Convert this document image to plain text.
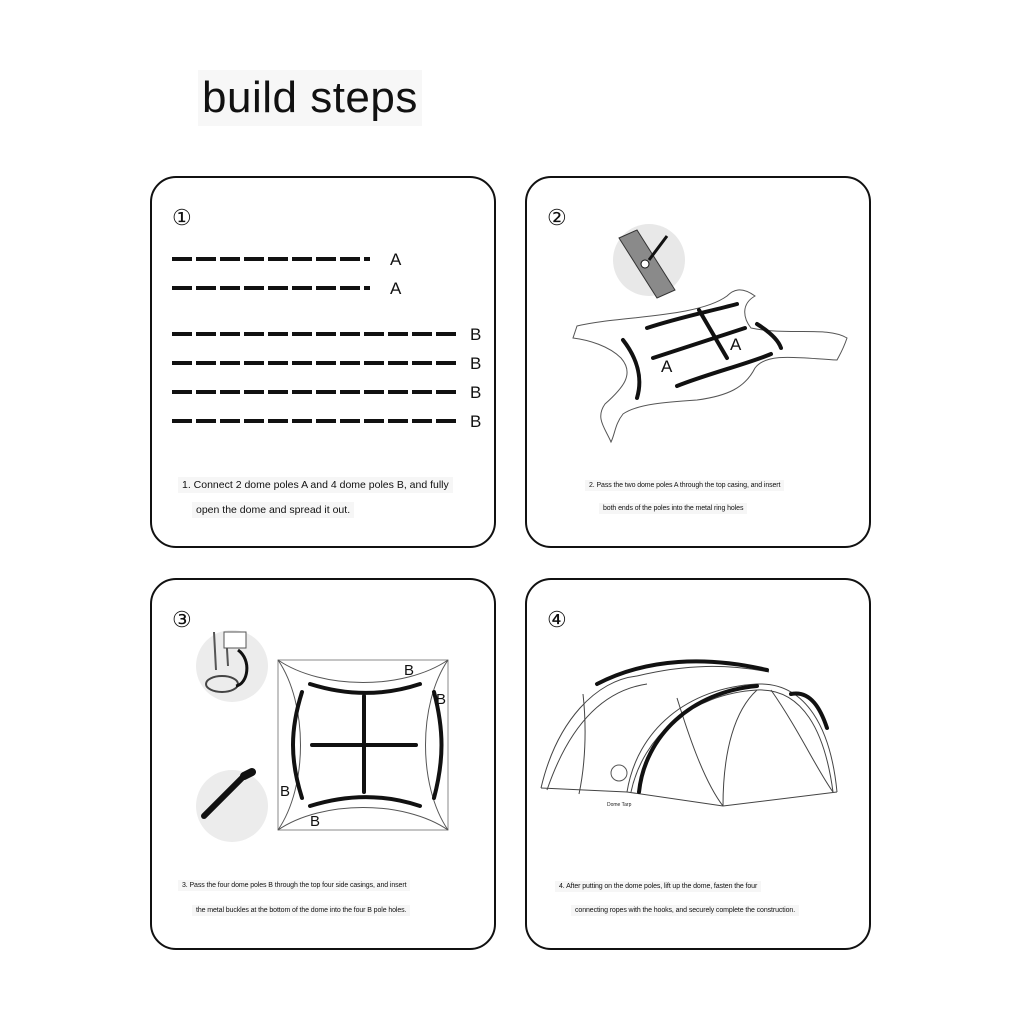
build steps
①
A
A
B
B
B
B
1. Connect 2 dome poles A and 4 dome poles B, and fully
open the dome and spread it out.
②
A
A
2. Pass the two dome poles A through the top casing, and insert
both ends of the poles into the metal ring holes
③
B
B
B
B
3. Pass the four dome poles B through the top four side casings, and insert
the metal buckles at the bottom of the dome into the four B pole holes.
④
Dome Tarp
4. After putting on the dome poles, lift up the dome, fasten the four
connecting ropes with the hooks, and securely complete the construction.
